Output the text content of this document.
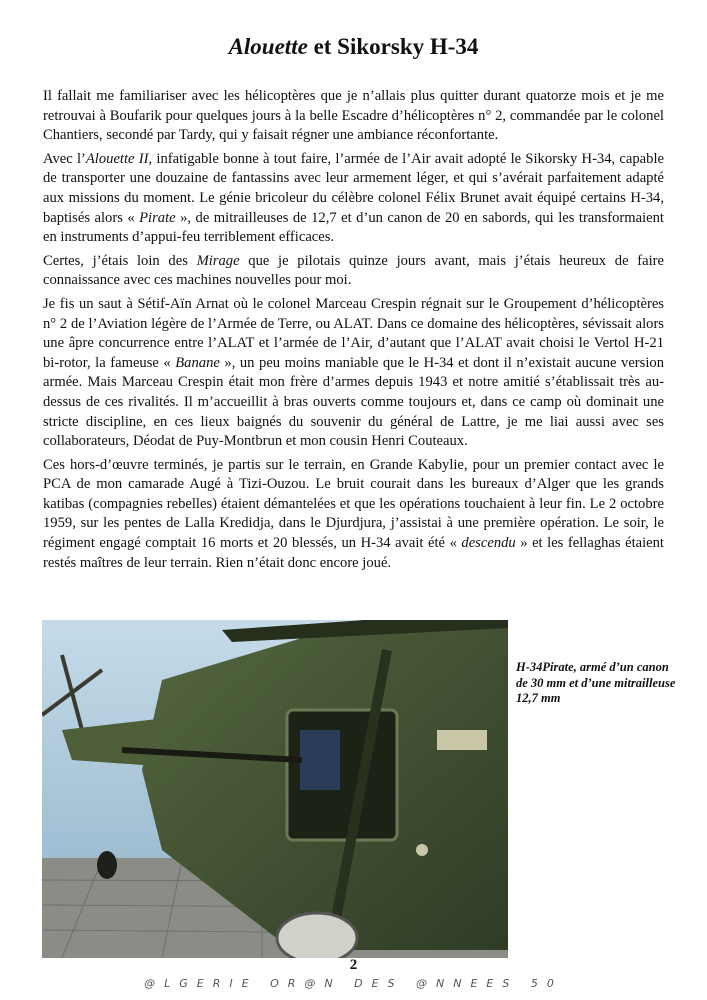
Alouette et Sikorsky H-34

Il fallait me familiariser avec les hélicoptères que je n’allais plus quitter durant quatorze mois et je me retrouvai à Boufarik pour quelques jours à la belle Escadre d’hélicoptères n° 2, commandée par le colonel Chantiers, secondé par Tardy, qui y faisait régner une ambiance réconfortante.

Avec l’Alouette II, infatigable bonne à tout faire, l’armée de l’Air avait adopté le Sikorsky H-34, capable de transporter une douzaine de fantassins avec leur armement léger, et qui s’avérait parfaitement adapté aux missions du moment. Le génie bricoleur du célèbre colonel Félix Brunet avait équipé certains H-34, baptisés alors « Pirate », de mitrailleuses de 12,7 et d’un canon de 20 en sabords, qui les transformaient en instruments d’appui-feu terriblement efficaces.

Certes, j’étais loin des Mirage que je pilotais quinze jours avant, mais j’étais heureux de faire connaissance avec ces machines nouvelles pour moi.

Je fis un saut à Sétif-Aïn Arnat où le colonel Marceau Crespin régnait sur le Groupement d’hélicoptères n° 2 de l’Aviation légère de l’Armée de Terre, ou ALAT. Dans ce domaine des hélicoptères, sévissait alors une âpre concurrence entre l’ALAT et l’armée de l’Air, d’autant que l’ALAT avait choisi le Vertol H-21 bi-rotor, la fameuse « Banane », un peu moins maniable que le H-34 et dont il n’existait aucune version armée. Mais Marceau Crespin était mon frère d’armes depuis 1943 et notre amitié s’établissait très au-dessus de ces rivalités. Il m’accueillit à bras ouverts comme toujours et, dans ce camp où dominait une stricte discipline, en ces lieux baignés du souvenir du général de Lattre, je me liai aussi avec ses collaborateurs, Déodat de Puy-Montbrun et mon cousin Henri Couteaux.

Ces hors-d’œuvre terminés, je partis sur le terrain, en Grande Kabylie, pour un premier contact avec le PCA de mon camarade Augé à Tizi-Ouzou. Le bruit courait dans les bureaux d’Alger que les grands katibas (compagnies rebelles) étaient démantelées et que les opérations touchaient à leur fin. Le 2 octobre 1959, sur les pentes de Lalla Kredidja, dans le Djurdjura, j’assistai à une première opération. Le soir, le régiment engagé comptait 16 morts et 20 blessés, un H-34 avait été « descendu » et les fellaghas étaient restés maîtres de leur terrain. Rien n’était donc encore joué.

H-34Pirate, armé d’un canon de 30 mm et d’une mitrailleuse 12,7 mm
2
@LGERIE OR@N DES @NNEES 50
